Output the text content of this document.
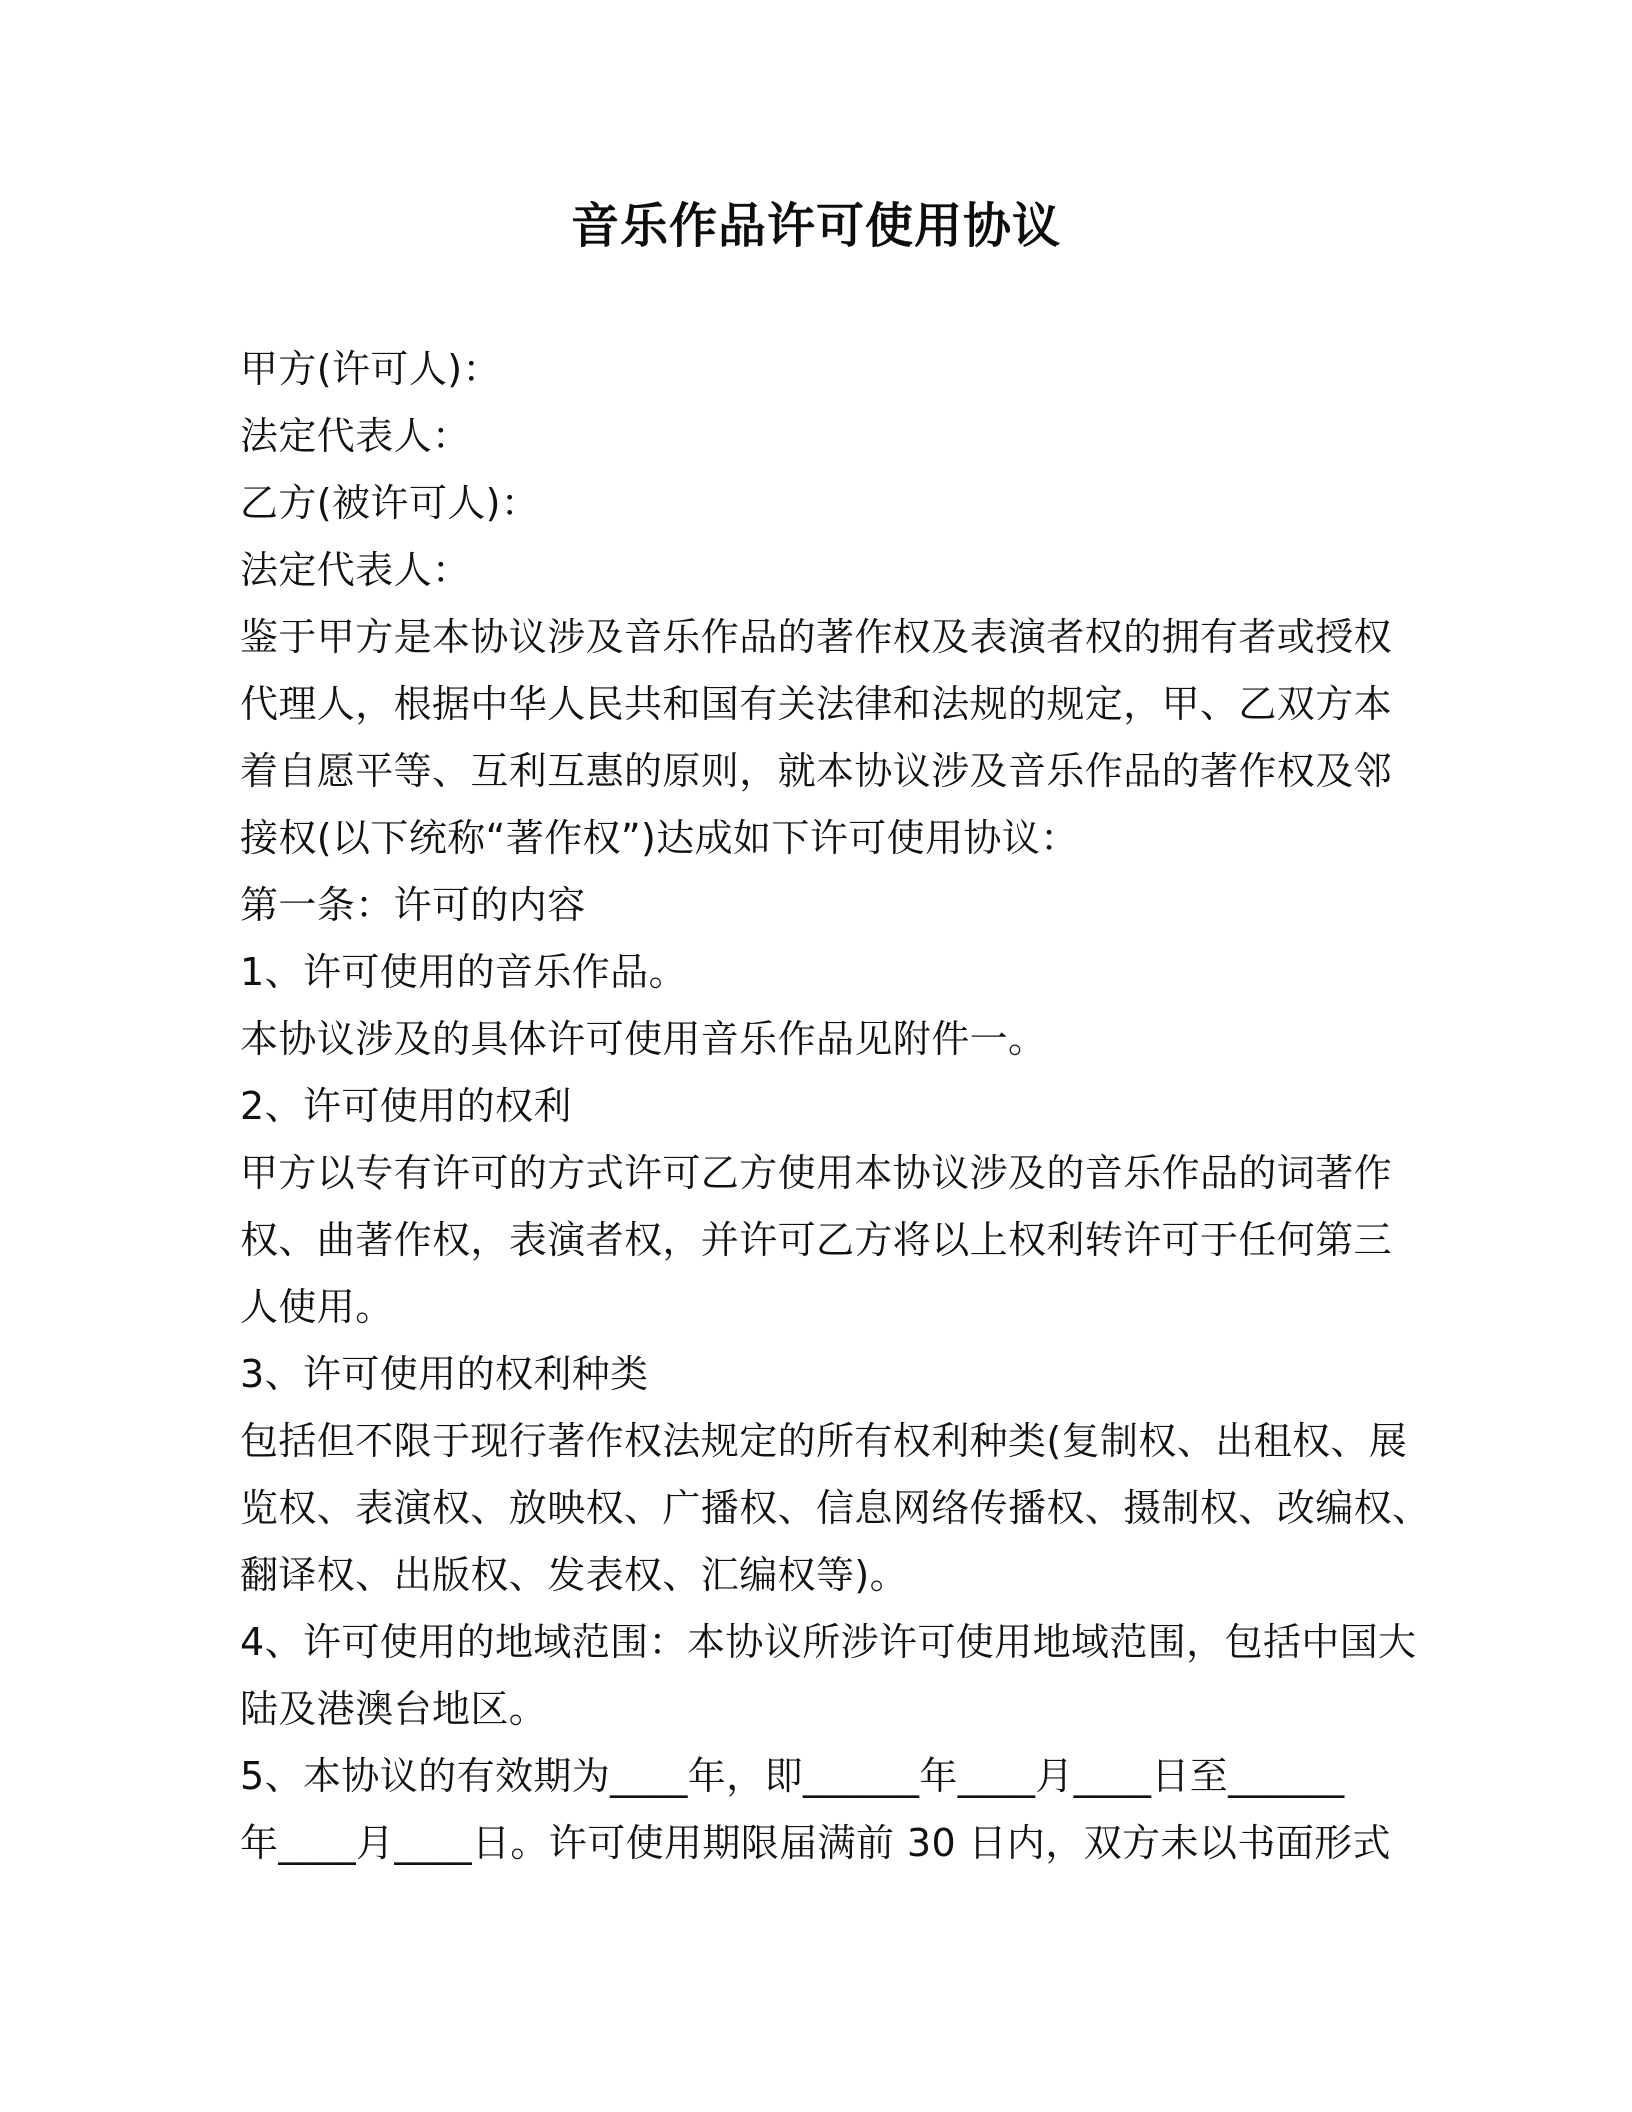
音乐作品许可使用协议
甲方(许可人)：
法定代表人：
乙方(被许可人)：
法定代表人：
鉴于甲方是本协议涉及音乐作品的著作权及表演者权的拥有者或授权
代理人，根据中华人民共和国有关法律和法规的规定，甲、乙双方本
着自愿平等、互利互惠的原则，就本协议涉及音乐作品的著作权及邻
接权(以下统称“著作权”)达成如下许可使用协议：
第一条：许可的内容
1、许可使用的音乐作品。
本协议涉及的具体许可使用音乐作品见附件一。
2、许可使用的权利
甲方以专有许可的方式许可乙方使用本协议涉及的音乐作品的词著作
权、曲著作权，表演者权，并许可乙方将以上权利转许可于任何第三
人使用。
3、许可使用的权利种类
包括但不限于现行著作权法规定的所有权利种类(复制权、出租权、展
览权、表演权、放映权、广播权、信息网络传播权、摄制权、改编权、
翻译权、出版权、发表权、汇编权等)。
4、许可使用的地域范围：本协议所涉许可使用地域范围，包括中国大
陆及港澳台地区。
5、本协议的有效期为____年，即______年____月____日至______
年____月____日。许可使用期限届满前 30 日内，双方未以书面形式
